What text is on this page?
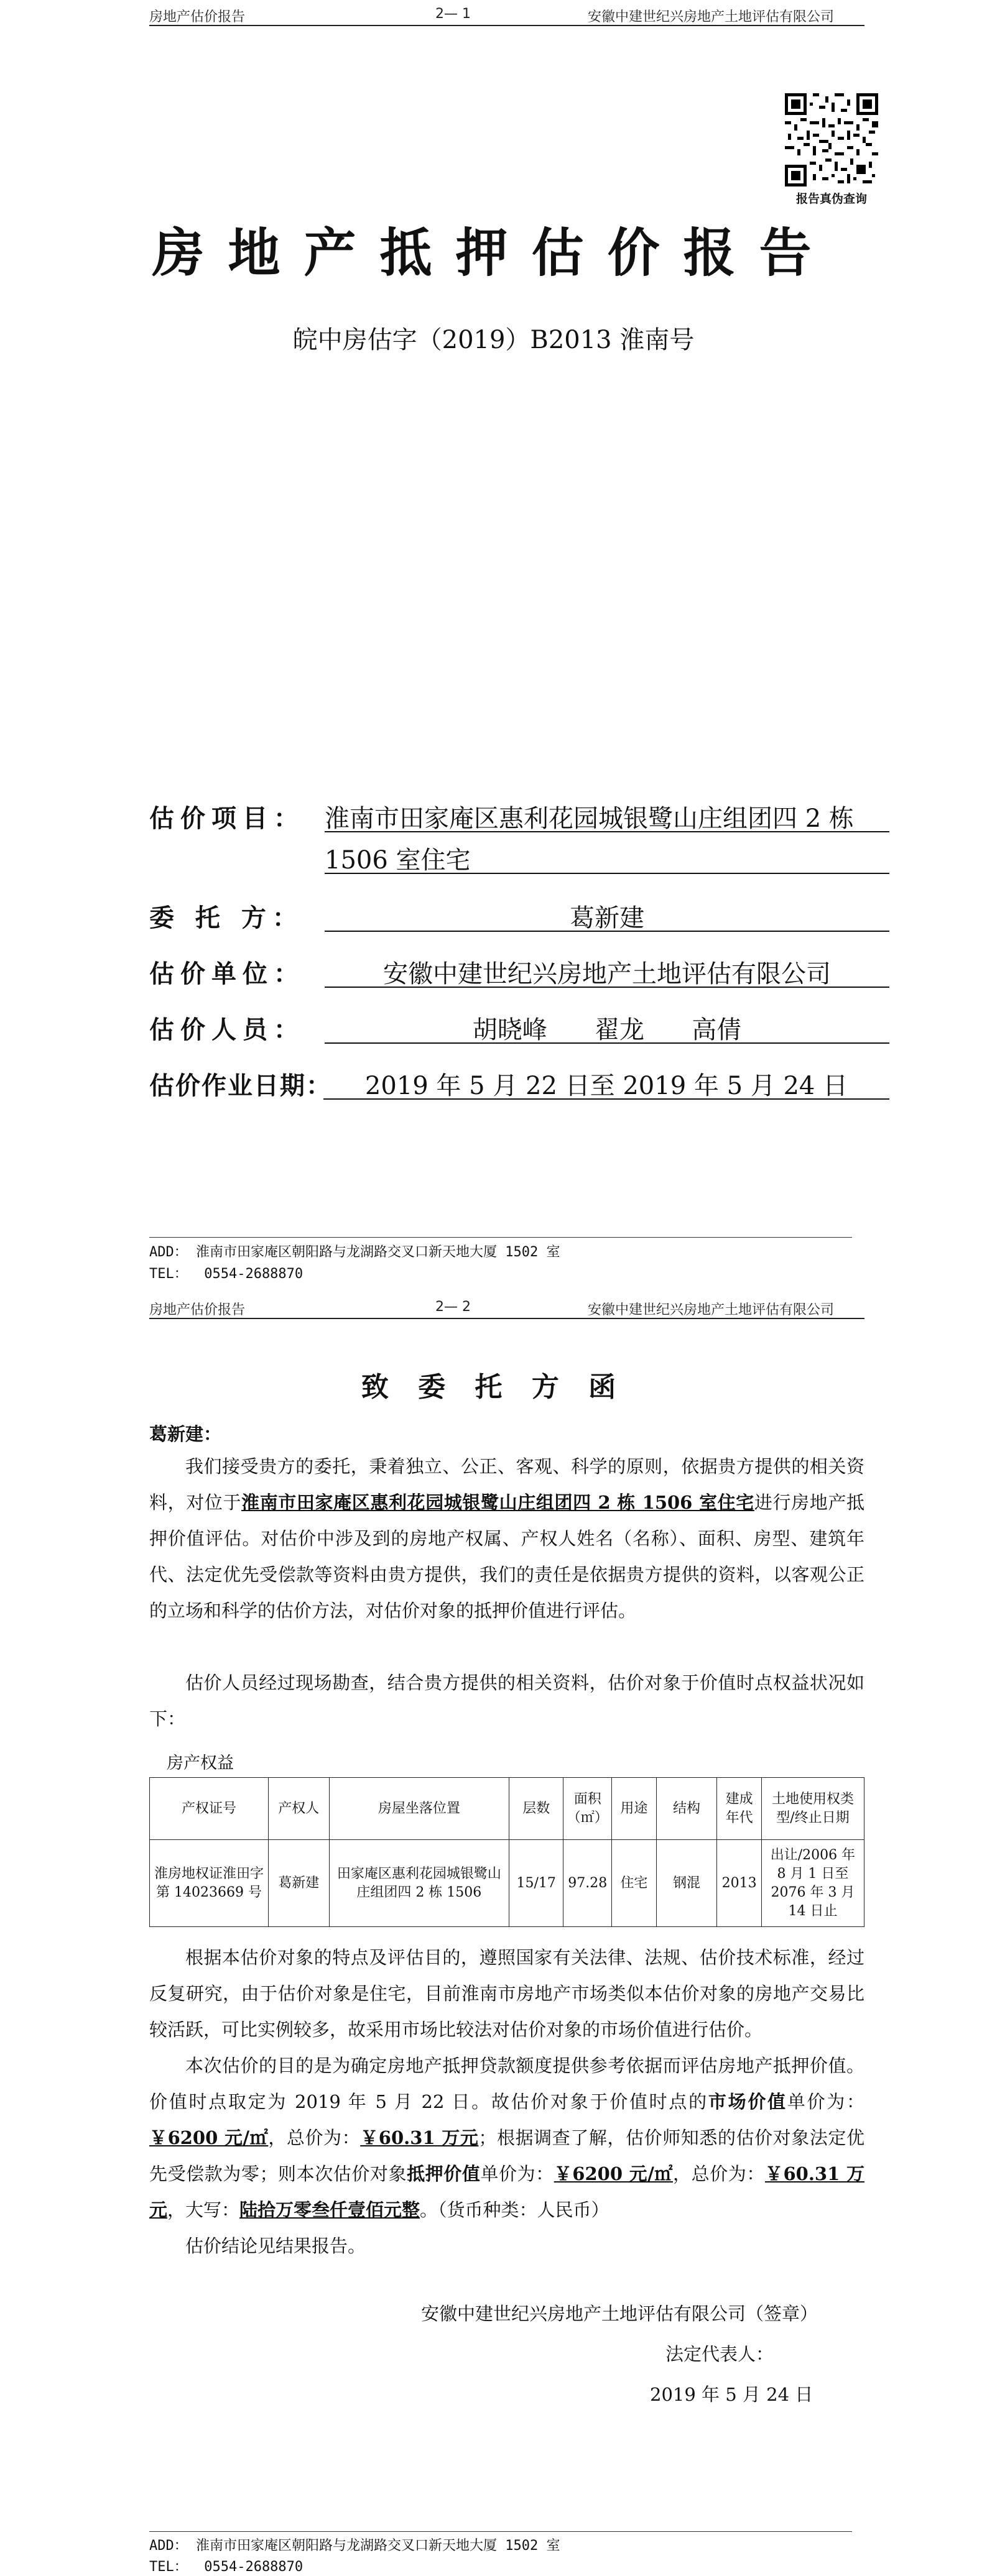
房地产估价报告	2— 1	安徽中建世纪兴房地产土地评估有限公司
报告真伪查询
房地产抵押估价报告
皖中房估字（2019）B2013 淮南号
估价项目： 淮南市田家庵区惠利花园城银鹭山庄组团四 2 栋
1506 室住宅
委 托 方：	葛新建
估价单位：	安徽中建世纪兴房地产土地评估有限公司
估价人员：	胡晓峰      翟龙      高倩
估价作业日期：	2019 年 5 月 22 日至 2019 年 5 月 24 日
ADD： 淮南市田家庵区朝阳路与龙湖路交叉口新天地大厦 1502 室
TEL：  0554-2688870
房地产估价报告	2— 2	安徽中建世纪兴房地产土地评估有限公司
致 委 托 方 函
葛新建：
我们接受贵方的委托，秉着独立、公正、客观、科学的原则，依据贵方提供的相关资料，对位于淮南市田家庵区惠利花园城银鹭山庄组团四 2 栋 1506 室住宅进行房地产抵押价值评估。对估价中涉及到的房地产权属、产权人姓名（名称）、面积、房型、建筑年代、法定优先受偿款等资料由贵方提供，我们的责任是依据贵方提供的资料，以客观公正的立场和科学的估价方法，对估价对象的抵押价值进行评估。
估价人员经过现场勘查，结合贵方提供的相关资料，估价对象于价值时点权益状况如下：
房产权益
产权证号	产权人	房屋坐落位置	层数	面积（㎡）	用途	结构	建成年代	土地使用权类型/终止日期
淮房地权证淮田字第 14023669 号	葛新建	田家庵区惠利花园城银鹭山庄组团四 2 栋 1506	15/17	97.28	住宅	钢混	2013	出让/2006 年 8 月 1 日至 2076 年 3 月 14 日止
根据本估价对象的特点及评估目的，遵照国家有关法律、法规、估价技术标准，经过反复研究，由于估价对象是住宅，目前淮南市房地产市场类似本估价对象的房地产交易比较活跃，可比实例较多，故采用市场比较法对估价对象的市场价值进行估价。
本次估价的目的是为确定房地产抵押贷款额度提供参考依据而评估房地产抵押价值。价值时点取定为 2019 年 5 月 22 日。故估价对象于价值时点的市场价值单价为：￥6200 元/㎡，总价为：￥60.31 万元；根据调查了解，估价师知悉的估价对象法定优先受偿款为零；则本次估价对象抵押价值单价为：￥6200 元/㎡，总价为：￥60.31 万元，大写：陆拾万零叁仟壹佰元整。（货币种类：人民币）
估价结论见结果报告。
安徽中建世纪兴房地产土地评估有限公司（签章）
法定代表人：
2019 年 5 月 24 日
ADD： 淮南市田家庵区朝阳路与龙湖路交叉口新天地大厦 1502 室
TEL：  0554-2688870
